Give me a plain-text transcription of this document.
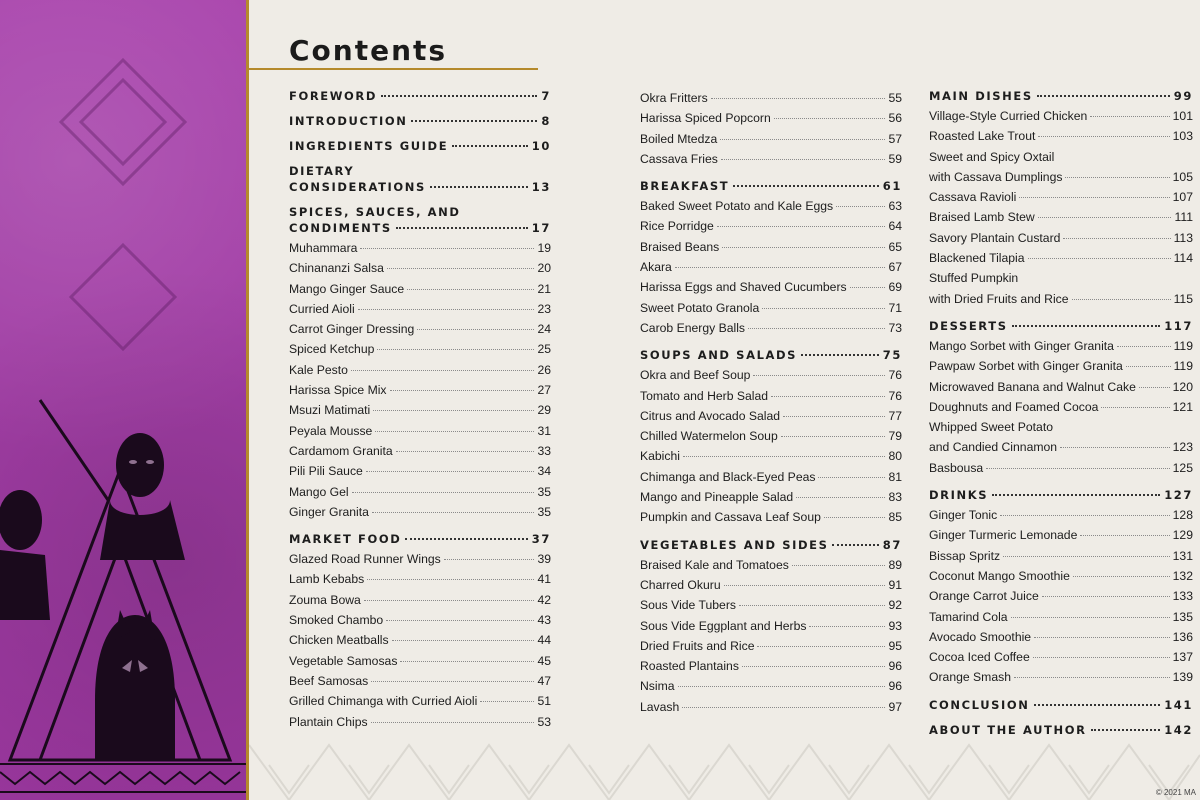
Contents
FOREWORD	7
INTRODUCTION	8
INGREDIENTS GUIDE	10
DIETARY
CONSIDERATIONS	13
SPICES, SAUCES, AND
CONDIMENTS	17
Muhammara	19
Chinananzi Salsa	20
Mango Ginger Sauce	21
Curried Aioli	23
Carrot Ginger Dressing	24
Spiced Ketchup	25
Kale Pesto	26
Harissa Spice Mix	27
Msuzi Matimati	29
Peyala Mousse	31
Cardamom Granita	33
Pili Pili Sauce	34
Mango Gel	35
Ginger Granita	35
MARKET FOOD	37
Glazed Road Runner Wings	39
Lamb Kebabs	41
Zouma Bowa	42
Smoked Chambo	43
Chicken Meatballs	44
Vegetable Samosas	45
Beef Samosas	47
Grilled Chimanga with Curried Aioli	51
Plantain Chips	53
Okra Fritters	55
Harissa Spiced Popcorn	56
Boiled Mtedza	57
Cassava Fries	59
BREAKFAST	61
Baked Sweet Potato and Kale Eggs	63
Rice Porridge	64
Braised Beans	65
Akara	67
Harissa Eggs and Shaved Cucumbers	69
Sweet Potato Granola	71
Carob Energy Balls	73
SOUPS AND SALADS	75
Okra and Beef Soup	76
Tomato and Herb Salad	76
Citrus and Avocado Salad	77
Chilled Watermelon Soup	79
Kabichi	80
Chimanga and Black-Eyed Peas	81
Mango and Pineapple Salad	83
Pumpkin and Cassava Leaf Soup	85
VEGETABLES AND SIDES	87
Braised Kale and Tomatoes	89
Charred Okuru	91
Sous Vide Tubers	92
Sous Vide Eggplant and Herbs	93
Dried Fruits and Rice	95
Roasted Plantains	96
Nsima	96
Lavash	97
MAIN DISHES	99
Village-Style Curried Chicken	101
Roasted Lake Trout	103
Sweet and Spicy Oxtail
with Cassava Dumplings	105
Cassava Ravioli	107
Braised Lamb Stew	111
Savory Plantain Custard	113
Blackened Tilapia	114
Stuffed Pumpkin
with Dried Fruits and Rice	115
DESSERTS	117
Mango Sorbet with Ginger Granita	119
Pawpaw Sorbet with Ginger Granita	119
Microwaved Banana and Walnut Cake	120
Doughnuts and Foamed Cocoa	121
Whipped Sweet Potato
and Candied Cinnamon	123
Basbousa	125
DRINKS	127
Ginger Tonic	128
Ginger Turmeric Lemonade	129
Bissap Spritz	131
Coconut Mango Smoothie	132
Orange Carrot Juice	133
Tamarind Cola	135
Avocado Smoothie	136
Cocoa Iced Coffee	137
Orange Smash	139
CONCLUSION	141
ABOUT THE AUTHOR	142
© 2021 MA
